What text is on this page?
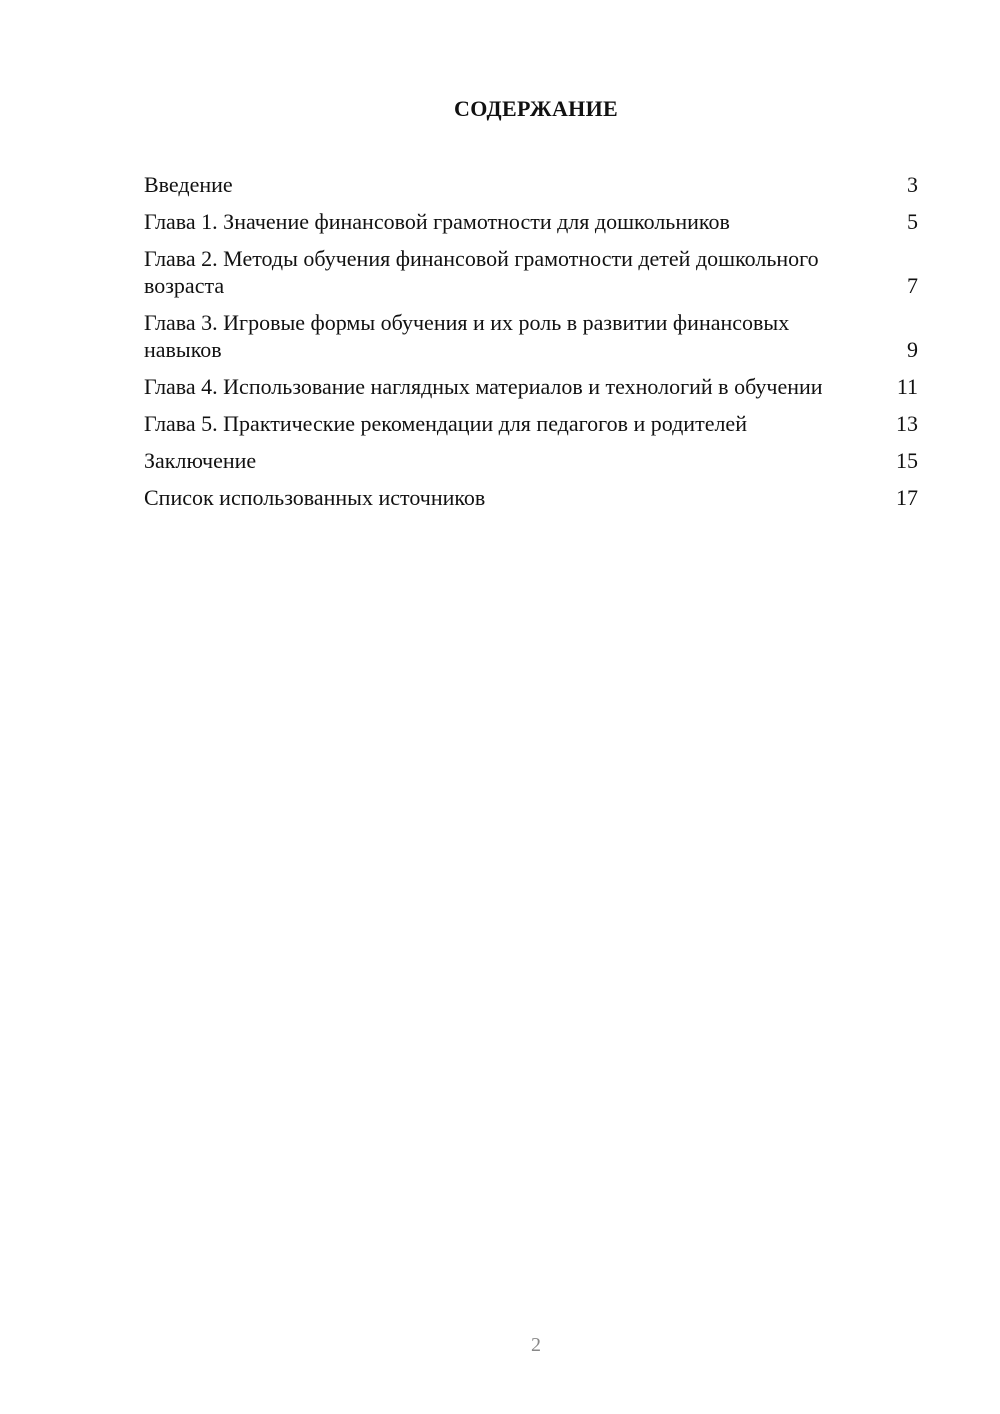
СОДЕРЖАНИЕ
Введение	3
Глава 1. Значение финансовой грамотности для дошкольников	5
Глава 2. Методы обучения финансовой грамотности детей дошкольного возраста	7
Глава 3. Игровые формы обучения и их роль в развитии финансовых навыков	9
Глава 4. Использование наглядных материалов и технологий в обучении	11
Глава 5. Практические рекомендации для педагогов и родителей	13
Заключение	15
Список использованных источников	17
2
